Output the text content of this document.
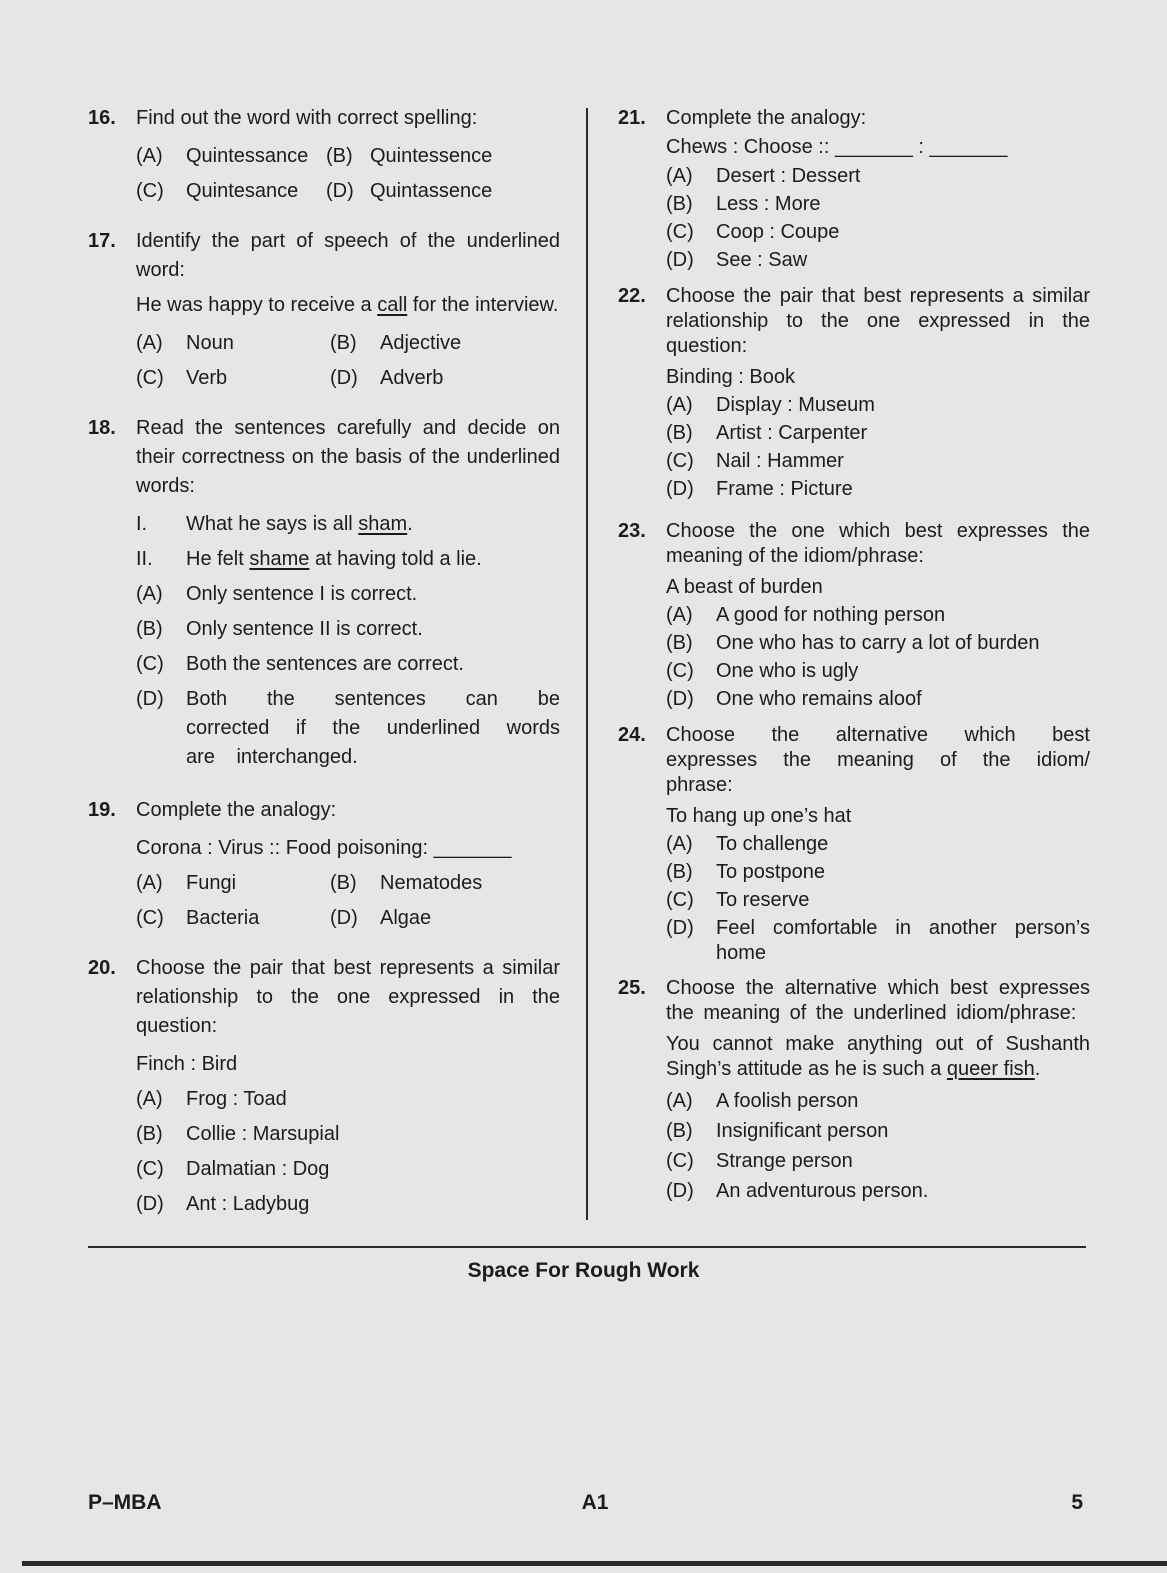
16. Find out the word with correct spelling:

(A)	Quintessance (B) Quintessence
(C)	Quintesance (D) Quintassence
17. Identify the part of speech of the underlined word:

He was happy to receive a call for the interview.

(A)	Noun	(B)	Adjective
(C)	Verb	(D)	Adverb
18. Read the sentences carefully and decide on their correctness on the basis of the underlined words:

I.	What he says is all sham.
II.	He felt shame at having told a lie.
(A)	Only sentence I is correct.
(B)	Only sentence II is correct.
(C)	Both the sentences are correct.
(D)	Both the sentences can be corrected if the underlined words are interchanged.
19. Complete the analogy:

Corona : Virus :: Food poisoning: _______

(A)	Fungi	(B)	Nematodes
(C)	Bacteria	(D)	Algae
20. Choose the pair that best represents a similar relationship to the one expressed in the question:

Finch : Bird

(A)	Frog : Toad
(B)	Collie : Marsupial
(C)	Dalmatian : Dog
(D)	Ant : Ladybug
21. Complete the analogy:

Chews : Choose :: _______ : _______

(A)	Desert : Dessert
(B)	Less : More
(C)	Coop : Coupe
(D)	See : Saw
22. Choose the pair that best represents a similar relationship to the one expressed in the question:

Binding : Book

(A)	Display : Museum
(B)	Artist : Carpenter
(C)	Nail : Hammer
(D)	Frame : Picture
23. Choose the one which best expresses the meaning of the idiom/phrase:

A beast of burden

(A)	A good for nothing person
(B)	One who has to carry a lot of burden
(C)	One who is ugly
(D)	One who remains aloof
24. Choose the alternative which best expresses the meaning of the idiom/ phrase:

To hang up one’s hat

(A)	To challenge
(B)	To postpone
(C)	To reserve
(D)	Feel comfortable in another person’s home
25. Choose the alternative which best expresses the meaning of the underlined idiom/phrase:

You cannot make anything out of Sushanth Singh’s attitude as he is such a queer fish.

(A)	A foolish person
(B)	Insignificant person
(C)	Strange person
(D)	An adventurous person.
Space For Rough Work
P–MBA	A1	5
